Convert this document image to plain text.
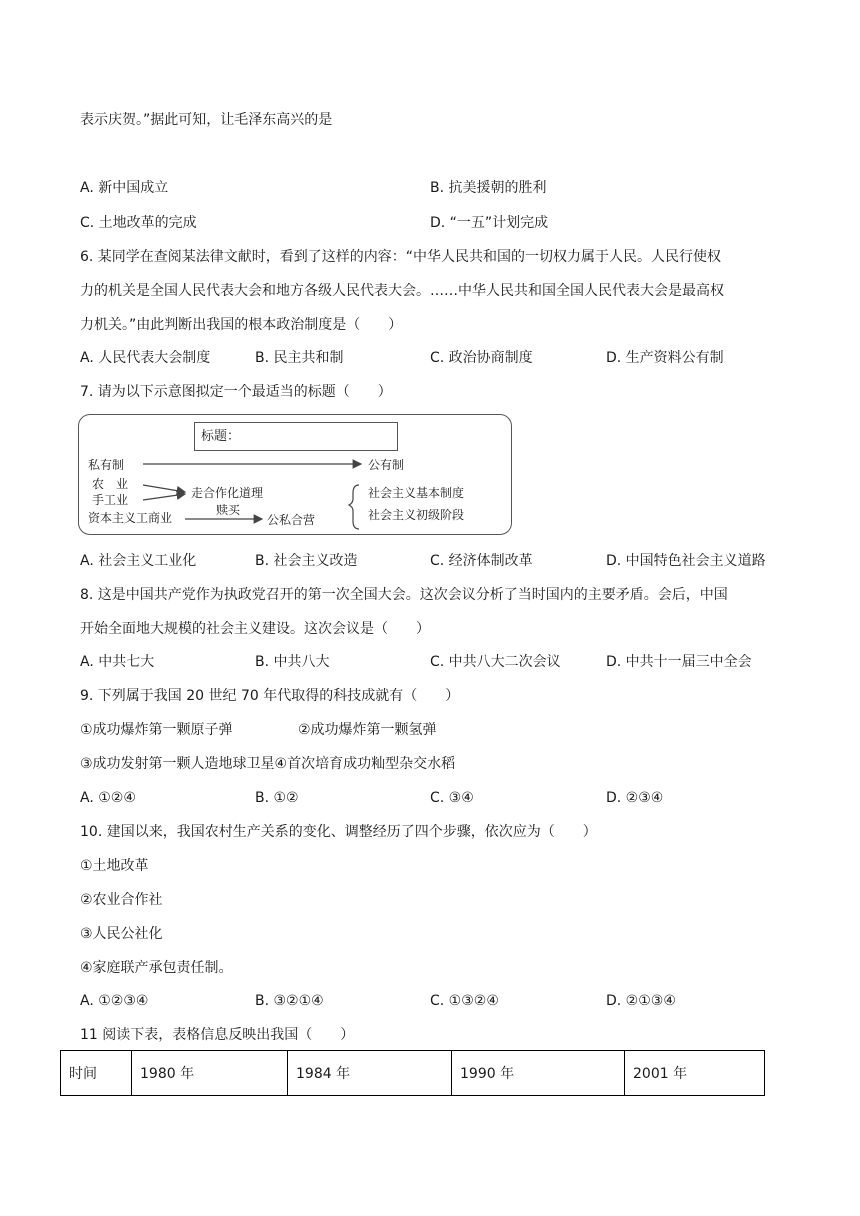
表示庆贺。”据此可知，让毛泽东高兴的是
A. 新中国成立	B. 抗美援朝的胜利
C. 土地改革的完成	D. “一五”计划完成
6. 某同学在查阅某法律文献时，看到了这样的内容：“中华人民共和国的一切权力属于人民。人民行使权
力的机关是全国人民代表大会和地方各级人民代表大会。……中华人民共和国全国人民代表大会是最高权
力机关。”由此判断出我国的根本政治制度是（　　）
A. 人民代表大会制度	B. 民主共和制	C. 政治协商制度	D. 生产资料公有制
7. 请为以下示意图拟定一个最适当的标题（　　）
标题：
私有制	公有制
农　业
手工业	走合作化道理
资本主义工商业
赎买
公私合营
社会主义基本制度
社会主义初级阶段
A. 社会主义工业化	B. 社会主义改造	C. 经济体制改革	D. 中国特色社会主义道路
8. 这是中国共产党作为执政党召开的第一次全国大会。这次会议分析了当时国内的主要矛盾。会后，中国
开始全面地大规模的社会主义建设。这次会议是（　　）
A. 中共七大	B. 中共八大	C. 中共八大二次会议	D. 中共十一届三中全会
9. 下列属于我国 20 世纪 70 年代取得的科技成就有（　　）
①成功爆炸第一颗原子弹	②成功爆炸第一颗氢弹
③成功发射第一颗人造地球卫星④首次培育成功籼型杂交水稻
A. ①②④	B. ①②	C. ③④	D. ②③④
10. 建国以来，我国农村生产关系的变化、调整经历了四个步骤，依次应为（　　）
①土地改革
②农业合作社
③人民公社化
④家庭联产承包责任制。
A. ①②③④	B. ③②①④	C. ①③②④	D. ②①③④
11 阅读下表，表格信息反映出我国（　　）
时间	1980 年	1984 年	1990 年	2001 年
